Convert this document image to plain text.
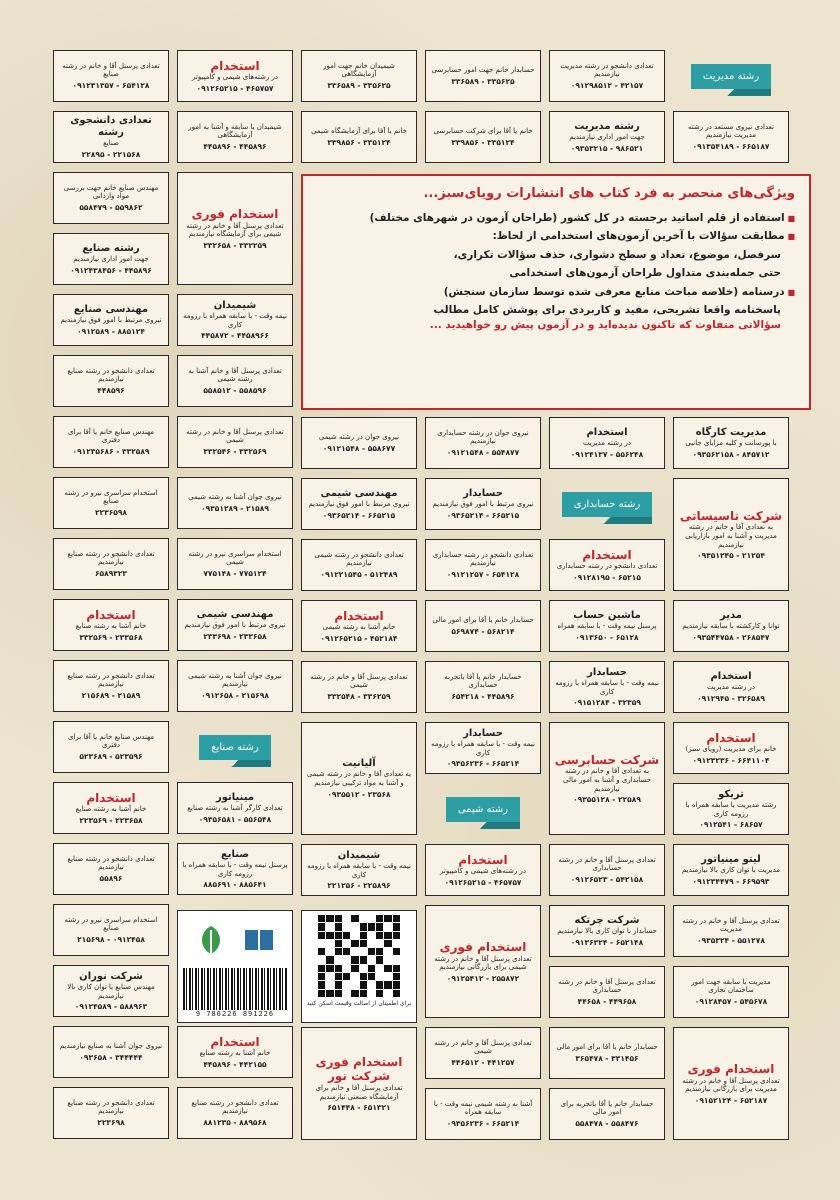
تعدادی پرسنل آقا و خانم در رشته صنایع
۰۹۱۲۳۱۳۵۷ - ۶۵۴۱۲۸
تعدادی دانشجوی رشته
صنایع
۲۲۸۹۵ - ۲۲۱۵۶۸
مهندس صنایع خانم جهت بررسی مواد وارداتی
۵۵۸۴۷۹ - ۵۵۹۸۶۲
رشته صنایع
جهت امور اداری نیازمندیم
۰۹۱۲۴۳۸۴۵۶ - ۴۴۵۸۹۶
مهندسی صنایع
نیروی مرتبط با امور فوق نیازمندیم
۰۹۱۲۵۸۹ - ۸۸۵۱۲۴
تعدادی دانشجو در رشته صنایع نیازمندیم
۴۴۸۵۹۶
مهندس صنایع خانم یا آقا برای دفتری
۰۹۱۲۳۵۶۸۶ - ۳۳۲۵۸۹
استخدام سراسری نیرو در رشته صنایع
۲۲۳۶۵۹۸
تعدادی دانشجو در رشته صنایع نیازمندیم
۶۵۸۹۳۲۳
استخدام
خانم آشنا به رشته صنایع
۳۳۲۵۶۹ - ۲۳۳۵۶۸
تعدادی دانشجو در رشته صنایع نیازمندیم
۲۱۵۶۸۹ - ۲۱۵۸۹
مهندس صنایع خانم یا آقا برای دفتری
۵۲۳۶۸۹ - ۵۲۳۵۹۶
استخدام
خانم آشنا به رشته صنایع
۲۲۳۵۶۹ - ۲۲۳۶۵۸
تعدادی دانشجو در رشته صنایع نیازمندیم
۵۵۸۹۶
استخدام سراسری نیرو در رشته صنایع
۲۱۵۶۹۸ - ۰۹۱۲۴۵۸
شرکت نوران
مهندس صنایع با توان کاری بالا نیازمندیم
۰۹۱۲۴۵۸۹ - ۵۸۸۹۶۳
نیروی جوان آشنا به صنایع نیازمندیم
۰۹۳۶۵۸ - ۳۴۴۴۴۴
تعدادی دانشجو در رشته صنایع نیازمندیم
۲۲۳۶۹۸
استخدام
در رشته‌های شیمی و کامپیوتر
۰۹۱۲۶۵۲۱۵ - ۴۶۵۷۵۷
شیمیدان با سابقه و آشنا به امور آزمایشگاهی
۴۴۵۸۹۶ - ۴۴۵۸۹۶
استخدام فوری
تعدادی پرسنل آقا و خانم در رشته شیمی برای آزمایشگاه نیازمندیم
۳۳۲۶۵۸ - ۳۳۲۲۵۹
شیمیدان
نیمه وقت - با سابقه همراه با رزومه کاری
۴۴۵۸۷۲ - ۴۴۵۸۹۶۶
تعدادی پرسنل آقا و خانم آشنا به رشته شیمی
۵۵۸۵۱۲ - ۵۵۸۵۹۶
تعدادی پرسنل آقا و خانم در رشته شیمی
۳۳۲۵۴۶ - ۳۳۲۵۶۹
نیروی جوان آشنا به رشته شیمی
۰۹۳۵۱۲۸۹ - ۲۱۵۸۹
استخدام سراسری نیرو در رشته شیمی
۷۷۵۱۴۸ - ۷۷۵۱۲۴
مهندسی شیمی
نیروی مرتبط با امور فوق نیازمندیم
۲۳۳۶۹۸ - ۲۳۳۶۵۸
نیروی جوان آشنا به رشته شیمی نیازمندیم
۰۹۱۲۶۵۸ - ۲۱۵۶۹۸
رشته صنایع
مینیاتور
تعدادی کارگر آشنا به رشته صنایع
۰۹۳۵۶۵۸۱ - ۵۵۶۵۴۸
صنایع
پرسنل نیمه وقت - با سابقه همراه با رزومه کاری
۸۸۵۶۹۱ - ۸۸۵۶۴۱
استخدام
خانم آشنا به رشته صنایع
۴۴۵۸۹۶ - ۴۴۲۱۵۵
تعدادی دانشجو در رشته صنایع نیازمندیم
۸۸۱۲۳۵ - ۸۸۹۵۶۸
شیمیدان خانم جهت امور آزمایشگاهی
۳۳۶۵۸۹ - ۳۳۵۶۲۵
خانم یا آقا برای آزمایشگاه شیمی
۳۳۹۸۵۶ - ۳۳۵۱۲۴
نیروی جوان در رشته شیمی
۰۹۱۲۱۵۴۸ - ۵۵۸۶۷۷
مهندسی شیمی
نیروی مرتبط با امور فوق نیازمندیم
۰۹۳۶۵۲۱۴ - ۶۶۵۲۱۵
تعدادی دانشجو در رشته شیمی نیازمندیم
۰۹۱۲۲۱۵۴۵ - ۵۱۲۴۸۹
استخدام
خانم آشنا به رشته شیمی
۰۹۱۲۶۵۲۱۵ - ۴۵۲۱۸۴
تعدادی پرسنل آقا و خانم در رشته شیمی
۳۳۲۵۴۸ - ۳۳۶۲۵۹
آلیانیت
به تعدادی آقا و خانم در رشته شیمی و آشنا به مواد ترکیبی نیازمندیم
۰۹۳۵۵۱۲ - ۲۳۵۶۸
شیمیدان
نیمه وقت - با سابقه همراه با رزومه کاری
۲۲۱۲۵۶ - ۲۲۵۸۹۶
استخدام فوری شرکت نور
تعدادی پرسنل آقا و خانم برای آزمایشگاه صنعتی نیازمندیم
۶۵۱۴۴۸ - ۶۵۱۳۲۱
حسابدار خانم جهت امور حسابرسی
۳۳۶۵۸۹ - ۳۳۵۶۲۵
خانم یا آقا برای شرکت حسابرسی
۳۳۹۸۵۶ - ۳۳۵۱۲۴
نیروی جوان در رشته حسابداری نیازمندیم
۰۹۱۲۱۵۴۸ - ۵۵۴۸۷۷
حسابدار
نیروی مرتبط با امور فوق نیازمندیم
۰۹۳۶۵۲۱۴ - ۶۶۵۲۱۵
تعدادی دانشجو در رشته حسابداری نیازمندیم
۰۹۱۲۱۲۵۷ - ۶۵۴۱۲۸
حسابدار خانم یا آقا برای امور مالی
۵۶۹۸۷۴ - ۵۶۸۲۱۴
حسابدار خانم یا آقا باتجربه حسابداری
۶۵۴۲۱۸ - ۴۴۵۸۹۶
حسابدار
نیمه وقت - با سابقه همراه با رزومه کاری
۰۹۳۵۶۲۳۶ - ۶۶۵۲۱۴
رشته شیمی
استخدام
در رشته‌های شیمی و کامپیوتر
۰۹۱۲۶۵۲۱۵ - ۴۶۵۷۵۷
استخدام فوری
تعدادی پرسنل آقا و خانم در رشته شیمی برای بازرگانی نیازمندیم
۰۹۱۲۵۴۱۲ - ۲۵۵۸۷۲
تعدادی پرسنل آقا و خانم در رشته شیمی
۴۴۶۵۱۲ - ۴۴۱۲۵۷
آشنا به رشته شیمی نیمه وقت - با سابقه همراه
۰۹۳۵۶۲۳۶ - ۶۶۵۲۱۴
تعدادی دانشجو در رشته مدیریت نیازمندیم
۰۹۱۲۹۸۵۱۲ - ۴۲۱۵۷
رشته مدیریت
جهت امور اداری نیازمندیم
۰۹۳۵۳۲۱۵ - ۹۸۶۵۲۱
استخدام
در رشته مدیریت
۰۹۱۲۴۱۳۷ - ۵۵۶۲۴۸
رشته حسابداری
استخدام
تعدادی دانشجو در رشته حسابداری
۰۹۱۲۸۱۹۵ - ۶۵۲۱۵
ماشین حساب
پرسنل نیمه وقت - با سابقه همراه
۰۹۱۳۶۵۰ - ۶۵۱۲۸
حسابدار
نیمه وقت - با سابقه همراه با رزومه کاری
۰۹۱۵۱۲۸۴ - ۳۲۳۵۹
شرکت حسابرسی
به تعدادی آقا و خانم در رشته حسابداری و آشنا به امور مالی نیازمندیم
۰۹۳۵۵۱۲۸ - ۲۲۵۸۹
تعدادی پرسنل آقا و خانم در رشته حسابداری
۰۹۱۲۶۵۲۳ - ۵۴۲۱۵۸
شرکت چرتکه
حسابدار با توان کاری بالا نیازمندیم
۰۹۱۳۶۳۲۴ - ۶۵۲۱۴۸
تعدادی پرسنل آقا و خانم در رشته حسابداری
۴۴۶۵۸ - ۴۴۹۶۵۸
حسابدار خانم یا آقا برای امور مالی
۳۶۵۴۷۸ - ۳۳۱۴۵۶
حسابدار خانم یا آقا باتجربه برای امور مالی
۵۵۸۴۷۸ - ۵۵۸۴۷۶
رشته مدیریت
تعدادی نیروی مستعد در رشته مدیریت نیازمندیم
۰۹۱۳۵۴۱۸۹ - ۶۶۵۱۸۷
مدیریت کارگاه
با پورسانت و کلیه مزایای جانبی
۰۹۳۵۶۲۱۵۸ - ۸۴۵۷۱۲
شرکت تاسیساتی
به تعدادی آقا و خانم در رشته مدیریت و آشنا به امور بازاریابی نیازمندیم
۰۹۳۵۱۲۴۵ - ۲۱۲۵۴
مدیر
توانا و کارکشته با سابقه نیازمندیم
۰۹۳۵۴۴۷۵۸ - ۲۶۸۵۴۷
استخدام
در رشته مدیریت
۰۹۱۲۹۴۵ - ۳۲۶۵۸۹
استخدام
خانم برای مدیریت (رویای سبز)
۰۹۱۲۳۲۳۶ - ۶۶۴۱۱۰۴
تریکو
رشته مدیریت با سابقه همراه با رزومه کاری
۰۹۱۲۵۴۱ - ۶۸۶۵۷
لیتو مینیاتور
مدیریت با توان کاری بالا نیازمندیم
۰۹۱۲۳۴۴۷۹ - ۶۶۹۵۹۳
تعدادی پرسنل آقا و خانم در رشته مدیریت
۰۹۳۵۳۲۴ - ۵۵۱۲۷۸
مدیریت با سابقه جهت امور ساختمان تجاری
۰۹۱۲۸۴۵۷ - ۵۴۵۶۷۸
استخدام فوری
تعدادی پرسنل آقا و خانم در رشته مدیریت برای بازرگانی نیازمندیم
۰۹۱۵۲۱۲۴ - ۶۵۲۱۸۷
ویژگی‌های منحصر به فرد کتاب های انتشارات رویای‌سبز...
■ استفاده از قلم اساتید برجسته در کل کشور (طراحان آزمون در شهرهای مختلف)
■ مطابقت سؤالات با آخرین آزمون‌های استخدامی از لحاظ:
سرفصل، موضوع، تعداد و سطح دشواری، حذف سؤالات تکراری،
حتی جمله‌بندی متداول طراحان آزمون‌های استخدامی
■ درسنامه (خلاصه مباحث منابع معرفی شده توسط سازمان سنجش)
پاسخنامه واقعا تشریحی، مفید و کاربردی برای پوشش کامل مطالب
سؤالاتی متفاوت که تاکنون ندیده‌اید و در آزمون پیش رو خواهیدید ...
9 786226 891226
برای اطمینان از اصالت وقیمت اسکن کنید
